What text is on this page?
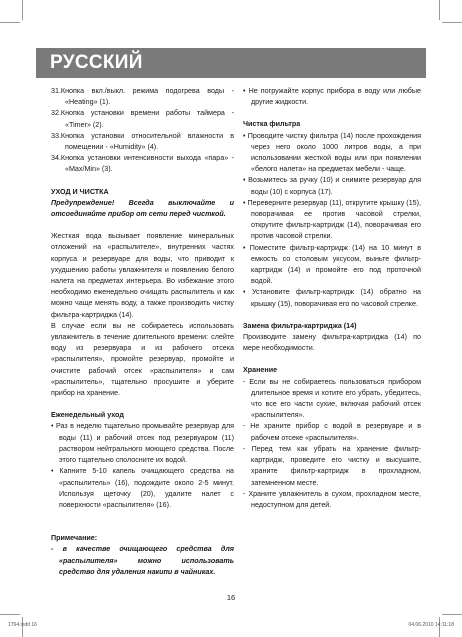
РУССКИЙ
31.Кнопка вкл./выкл. режима подогрева воды - «Heating» (1).
32.Кнопка установки времени работы таймера - «Timer» (2).
33.Кнопка установки относительной влажности в помещении - «Humidity» (4).
34.Кнопка установки интенсивности выхода «пара» - «Max/Min» (3).

УХОД И ЧИСТКА

Предупреждение! Всегда выключайте и отсоединяйте прибор от сети перед чисткой.

Жесткая вода вызывает появление минеральных отложений на «распылителе», внутренних частях корпуса и резервуаре для воды, что приводит к ухудшению работы увлажнителя и появлению белого налета на предметах интерьера. Во избежание этого необходимо еженедельно очищать распылитель и как можно чаще менять воду, а также производить чистку фильтра-картриджа (14).

В случае если вы не собираетесь использовать увлажнитель в течение длительного времени: слейте воду из резервуара и из рабочего отсека «распылителя», промойте резервуар, промойте и очистите рабочий отсек «распылителя» и сам «распылитель», тщательно просушите и уберите прибор на хранение.

Еженедельный уход

• Раз в неделю тщательно промывайте резервуар для воды (11) и рабочий отсек под резервуаром (11) раствором нейтрального моющего средства. После этого тщательно сполосните их водой.
• Капните 5-10 капель очищающего средства на «распылитель» (16), подождите около 2-5 минут. Используя щеточку (20), удалите налет с поверхности «распылителя» (16).

Примечание:

- в качестве очищающего средства для «распылителя» можно использовать средство для удаления накипи в чайниках.
• Не погружайте корпус прибора в воду или любые другие жидкости.

Чистка фильтра

• Проводите чистку фильтра (14) после прохождения через него около 1000 литров воды, а при использовании жесткой воды или при появлении «белого налета» на предметах мебели - чаще.
• Возьмитесь за ручку (10) и снимите резервуар для воды (10) с корпуса (17).
• Переверните резервуар (11), открутите крышку (15), поворачивая ее против часовой стрелки, открутите фильтр-картридж (14), поворачивая его против часовой стрелки.
• Поместите фильтр-картридж (14) на 10 минут в емкость со столовым уксусом, выньте фильтр-картридж (14) и промойте его под проточной водой.
• Установите фильтр-картридж (14) обратно на крышку (15), поворачивая его по часовой стрелке.

Замена фильтра-картриджа (14)

Производите замену фильтра-картриджа (14) по мере необходимости.

Хранение

- Если вы не собираетесь пользоваться прибором длительное время и хотите его убрать, убедитесь, что все его части сухие, включая рабочий отсек «распылителя».
- Не храните прибор с водой в резервуаре и в рабочем отсеке «распылителя».
- Перед тем как убрать на хранение фильтр-картридж, проведите его чистку и высушите, храните фильтр-картридж в прохладном, затемненном месте.
- Храните увлажнитель в сухом, прохладном месте, недоступном для детей.
16
1764.indd 16	04.06.2010 14:11:18
